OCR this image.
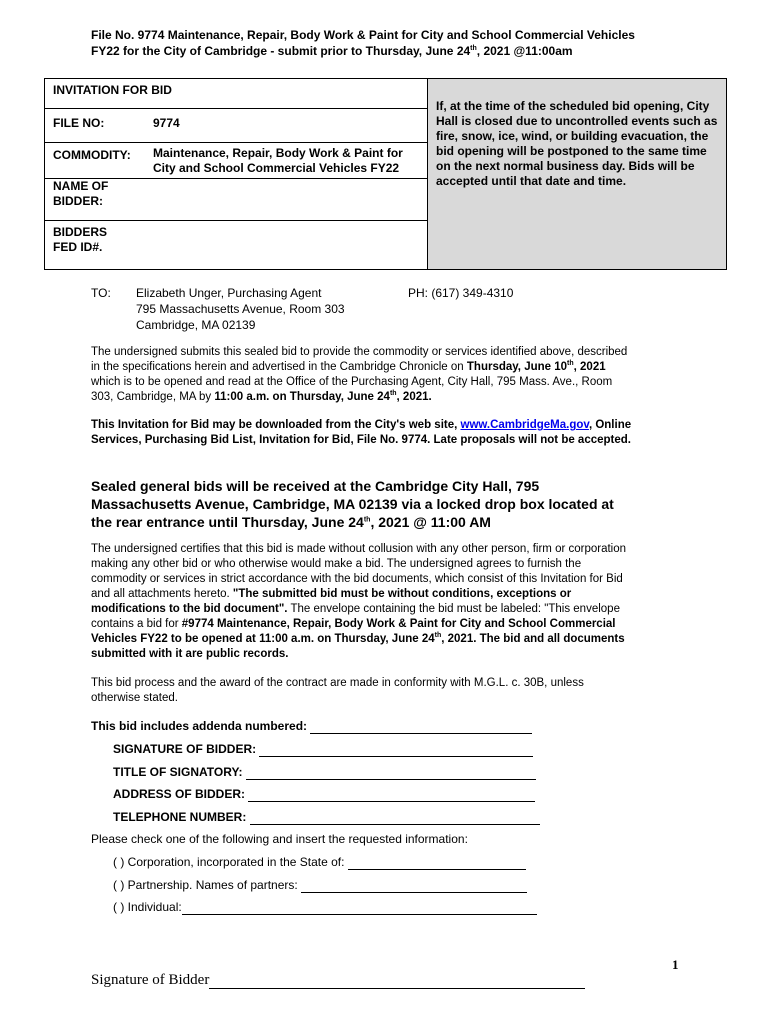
File No. 9774 Maintenance, Repair, Body Work & Paint for City and School Commercial Vehicles
FY22 for the City of Cambridge - submit prior to Thursday, June 24th, 2021 @11:00am
INVITATION FOR BID
FILE NO:	9774
COMMODITY: Maintenance, Repair, Body Work & Paint for City and School Commercial Vehicles FY22
NAME OF
BIDDER:
BIDDERS
FED ID#.
If, at the time of the scheduled bid opening, City Hall is closed due to uncontrolled events such as fire, snow, ice, wind, or building evacuation, the bid opening will be postponed to the same time on the next normal business day. Bids will be accepted until that date and time.
TO: Elizabeth Unger, Purchasing Agent
795 Massachusetts Avenue, Room 303
Cambridge, MA 02139
PH: (617) 349-4310
The undersigned submits this sealed bid to provide the commodity or services identified above, described in the specifications herein and advertised in the Cambridge Chronicle on Thursday, June 10th, 2021 which is to be opened and read at the Office of the Purchasing Agent, City Hall, 795 Mass. Ave., Room 303, Cambridge, MA by 11:00 a.m. on Thursday, June 24th, 2021.
This Invitation for Bid may be downloaded from the City's web site, www.CambridgeMa.gov, Online Services, Purchasing Bid List, Invitation for Bid, File No. 9774. Late proposals will not be accepted.
Sealed general bids will be received at the Cambridge City Hall, 795 Massachusetts Avenue, Cambridge, MA 02139 via a locked drop box located at the rear entrance until Thursday, June 24th, 2021 @ 11:00 AM
The undersigned certifies that this bid is made without collusion with any other person, firm or corporation making any other bid or who otherwise would make a bid. The undersigned agrees to furnish the commodity or services in strict accordance with the bid documents, which consist of this Invitation for Bid and all attachments hereto. "The submitted bid must be without conditions, exceptions or modifications to the bid document". The envelope containing the bid must be labeled: "This envelope contains a bid for #9774 Maintenance, Repair, Body Work & Paint for City and School Commercial Vehicles FY22 to be opened at 11:00 a.m. on Thursday, June 24th, 2021. The bid and all documents submitted with it are public records.
This bid process and the award of the contract are made in conformity with M.G.L. c. 30B, unless otherwise stated.
This bid includes addenda numbered:
SIGNATURE OF BIDDER:
TITLE OF SIGNATORY:
ADDRESS OF BIDDER:
TELEPHONE NUMBER:
Please check one of the following and insert the requested information:
( ) Corporation, incorporated in the State of:
( ) Partnership. Names of partners:
( ) Individual:
1
Signature of Bidder
